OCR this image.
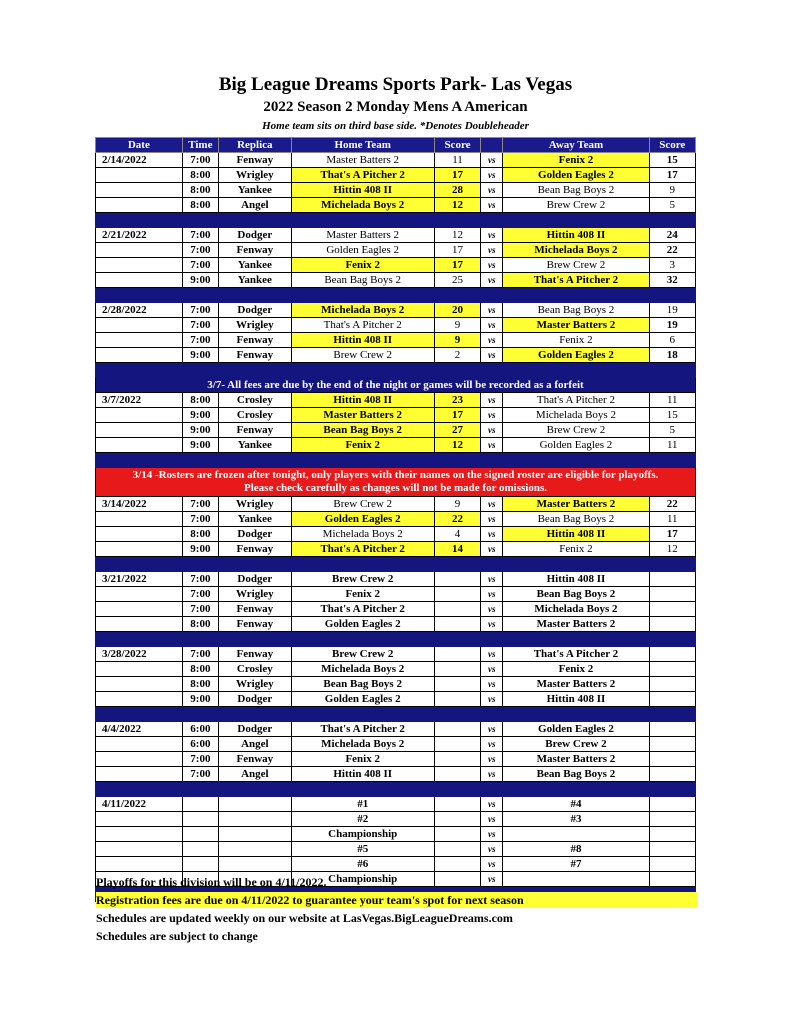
Big League Dreams Sports Park- Las Vegas
2022 Season 2 Monday Mens A American
Home team sits on third base side. *Denotes Doubleheader
Date	Time	Replica	Home Team	Score		Away Team	Score
2/14/2022	7:00	Fenway	Master Batters 2	11	vs	Fenix 2	15
	8:00	Wrigley	That's A Pitcher 2	17	vs	Golden Eagles 2	17
	8:00	Yankee	Hittin 408 II	28	vs	Bean Bag Boys 2	9
	8:00	Angel	Michelada Boys 2	12	vs	Brew Crew 2	5

2/21/2022	7:00	Dodger	Master Batters 2	12	vs	Hittin 408 II	24
	7:00	Fenway	Golden Eagles 2	17	vs	Michelada Boys 2	22
	7:00	Yankee	Fenix 2	17	vs	Brew Crew 2	3
	9:00	Yankee	Bean Bag Boys 2	25	vs	That's A Pitcher 2	32

2/28/2022	7:00	Dodger	Michelada Boys 2	20	vs	Bean Bag Boys 2	19
	7:00	Wrigley	That's A Pitcher 2	9	vs	Master Batters 2	19
	7:00	Fenway	Hittin 408 II	9	vs	Fenix 2	6
	9:00	Fenway	Brew Crew 2	2	vs	Golden Eagles 2	18

3/7- All fees are due by the end of the night or games will be recorded as a forfeit							

3/7/2022	8:00	Crosley	Hittin 408 II	23	vs	That's A Pitcher 2	11
	9:00	Crosley	Master Batters 2	17	vs	Michelada Boys 2	15
	9:00	Fenway	Bean Bag Boys 2	27	vs	Brew Crew 2	5
	9:00	Yankee	Fenix 2	12	vs	Golden Eagles 2	11

3/14 -Rosters are frozen after tonight, only players with their names on the signed roster are eligible for playoffs.
Please check carefully as changes will not be made for omissions.							

3/14/2022	7:00	Wrigley	Brew Crew 2	9	vs	Master Batters 2	22
	7:00	Yankee	Golden Eagles 2	22	vs	Bean Bag Boys 2	11
	8:00	Dodger	Michelada Boys 2	4	vs	Hittin 408 II	17
	9:00	Fenway	That's A Pitcher 2	14	vs	Fenix 2	12

3/21/2022	7:00	Dodger	Brew Crew 2		vs	Hittin 408 II	
	7:00	Wrigley	Fenix 2		vs	Bean Bag Boys 2	
	7:00	Fenway	That's A Pitcher 2		vs	Michelada Boys 2	
	8:00	Fenway	Golden Eagles 2		vs	Master Batters 2	

3/28/2022	7:00	Fenway	Brew Crew 2		vs	That's A Pitcher 2	
	8:00	Crosley	Michelada Boys 2		vs	Fenix 2	
	8:00	Wrigley	Bean Bag Boys 2		vs	Master Batters 2	
	9:00	Dodger	Golden Eagles 2		vs	Hittin 408 II	

4/4/2022	6:00	Dodger	That's A Pitcher 2		vs	Golden Eagles 2	
	6:00	Angel	Michelada Boys 2		vs	Brew Crew 2	
	7:00	Fenway	Fenix 2		vs	Master Batters 2	
	7:00	Angel	Hittin 408 II		vs	Bean Bag Boys 2	

4/11/2022			#1		vs	#4	
			#2		vs	#3	
			Championship		vs		
			#5		vs	#8	
			#6		vs	#7	
			Championship		vs		

Playoffs for this division will be on 4/11/2022.
Registration fees are due on 4/11/2022 to guarantee your team's spot for next season
Schedules are updated weekly on our website at LasVegas.BigLeagueDreams.com
Schedules are subject to change
